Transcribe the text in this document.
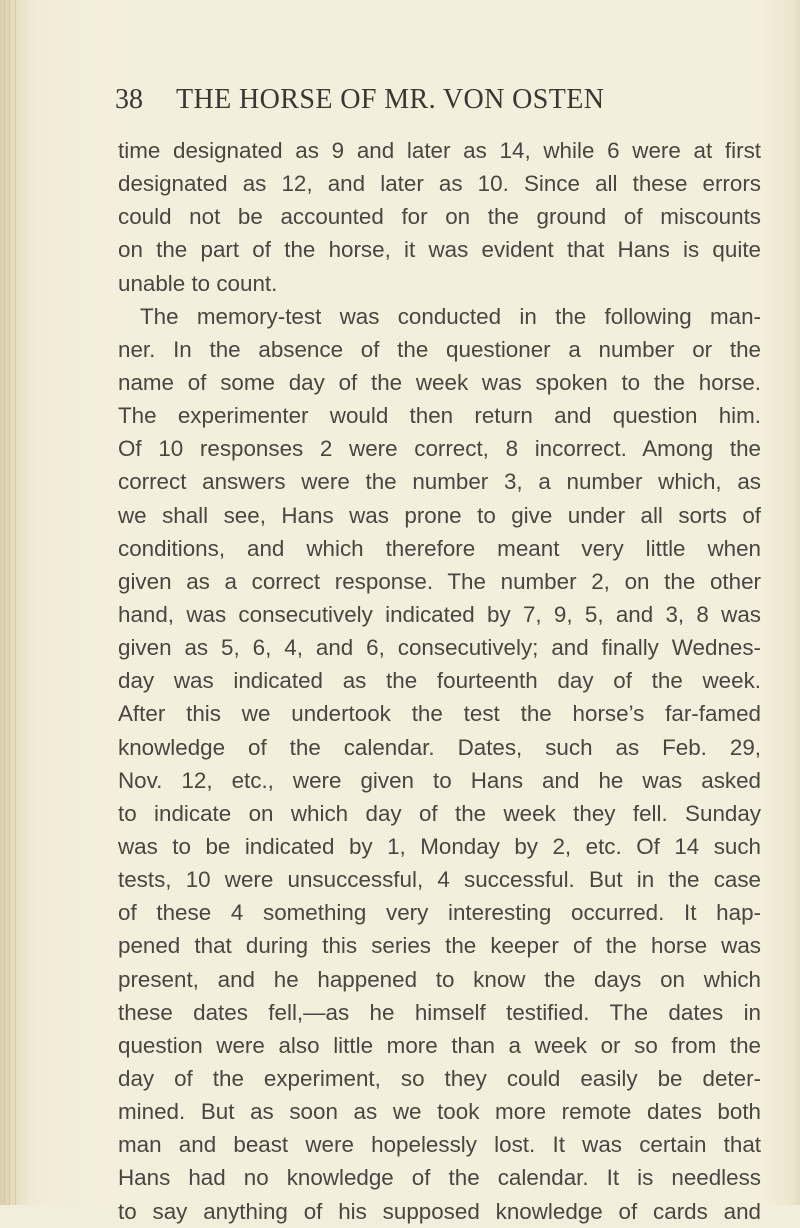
38 THE HORSE OF MR. VON OSTEN
time designated as 9 and later as 14, while 6 were at first
designated as 12, and later as 10. Since all these errors
could not be accounted for on the ground of miscounts
on the part of the horse, it was evident that Hans is quite
unable to count.
The memory-test was conducted in the following man-
ner. In the absence of the questioner a number or the
name of some day of the week was spoken to the horse.
The experimenter would then return and question him.
Of 10 responses 2 were correct, 8 incorrect. Among the
correct answers were the number 3, a number which, as
we shall see, Hans was prone to give under all sorts of
conditions, and which therefore meant very little when
given as a correct response. The number 2, on the other
hand, was consecutively indicated by 7, 9, 5, and 3, 8 was
given as 5, 6, 4, and 6, consecutively; and finally Wednes-
day was indicated as the fourteenth day of the week.
After this we undertook the test the horse’s far-famed
knowledge of the calendar. Dates, such as Feb. 29,
Nov. 12, etc., were given to Hans and he was asked
to indicate on which day of the week they fell. Sunday
was to be indicated by 1, Monday by 2, etc. Of 14 such
tests, 10 were unsuccessful, 4 successful. But in the case
of these 4 something very interesting occurred. It hap-
pened that during this series the keeper of the horse was
present, and he happened to know the days on which
these dates fell,—as he himself testified. The dates in
question were also little more than a week or so from the
day of the experiment, so they could easily be deter-
mined. But as soon as we took more remote dates both
man and beast were hopelessly lost. It was certain that
Hans had no knowledge of the calendar. It is needless
to say anything of his supposed knowledge of cards and
